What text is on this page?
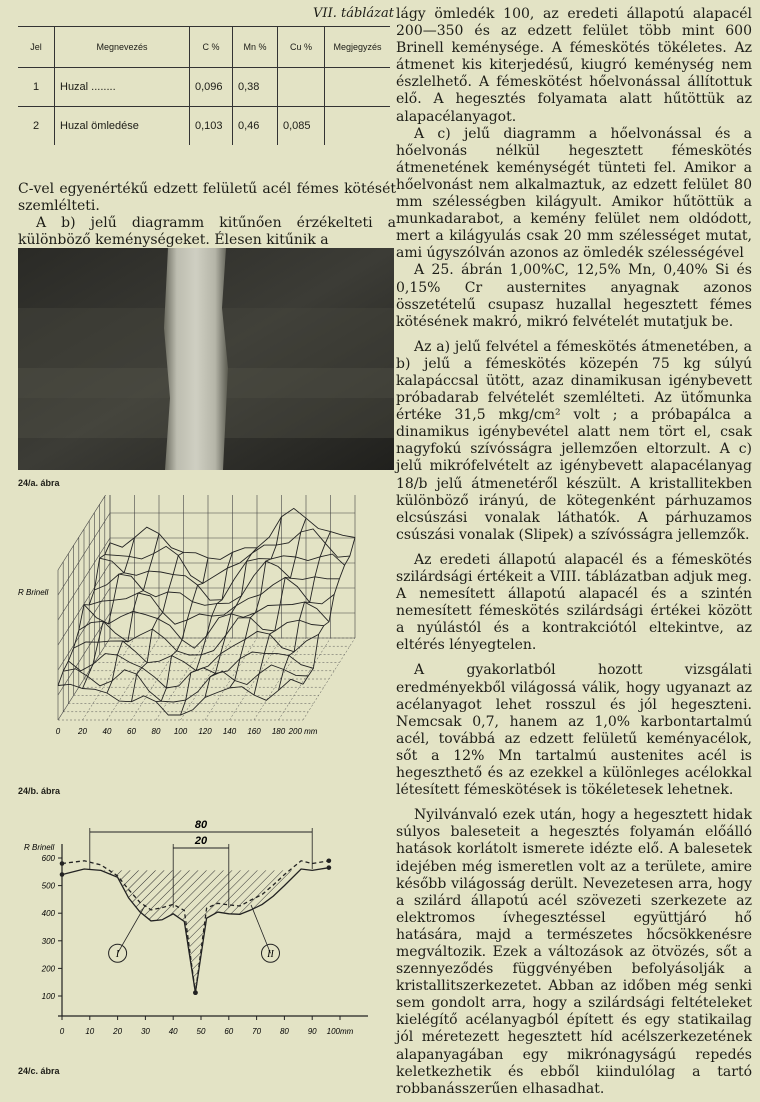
VII. táblázat
Jel	Megnevezés	C %	Mn %	Cu %	Megjegyzés
1	Huzal ........	0,096	0,38		
2	Huzal ömledése	0,103	0,46	0,085	

C-vel egyenértékű edzett felületű acél fémes kötését szemlélteti.

A b) jelű diagramm kitűnően érzékelteti a különböző keménységeket. Élesen kitűnik a

24/a. ábra
0 20 40 60 80 100 120 140 160 180 200 mm
R Brinell
24/b. ábra
100
200
300
400
500
600
0	10 20 30 40 50 60 70 80 90 100mm
R Brinell
80
20
I	II
24/c. ábra

lágy ömledék 100, az eredeti állapotú alapacél 200—350 és az edzett felület több mint 600 Brinell keménysége. A fémeskötés tökéletes. Az átmenet kis kiterjedésű, kiugró keménység nem észlelhető. A fémeskötést hőelvonással állítottuk elő. A hegesztés folyamata alatt hűtöttük az alapacélanyagot.

A c) jelű diagramm a hőelvonással és a hőelvonás nélkül hegesztett fémeskötés átmenetének keménységét tünteti fel. Amikor a hőelvonást nem alkalmaztuk, az edzett felület 80 mm szélességben kilágyult. Amikor hűtöttük a munkadarabot, a kemény felület nem oldódott, mert a kilágyulás csak 20 mm szélességet mutat, ami úgyszólván azonos az ömledék szélességével

A 25. ábrán 1,00%C, 12,5% Mn, 0,40% Si és 0,15% Cr austernites anyagnak azonos összetételű csupasz huzallal hegesztett fémes kötésének makró, mikró felvételét mutatjuk be.

Az a) jelű felvétel a fémeskötés átmenetében, a b) jelű a fémeskötés közepén 75 kg súlyú kalapáccsal ütött, azaz dinamikusan igénybevett próbadarab felvételét szemlélteti. Az ütőmunka értéke 31,5 mkg/cm² volt ; a próbapálca a dinamikus igénybevétel alatt nem tört el, csak nagyfokú szívósságra jellemzően eltorzult. A c) jelű mikrófelvételt az igénybevett alapacélanyag 18/b jelű átmenetéről készült. A kristallitekben különböző irányú, de kötegenként párhuzamos elcsúszási vonalak láthatók. A párhuzamos csúszási vonalak (Slipek) a szívósságra jellemzők.

Az eredeti állapotú alapacél és a fémeskötés szilárdsági értékeit a VIII. táblázatban adjuk meg. A nemesített állapotú alapacél és a szintén nemesített fémeskötés szilárdsági értékei között a nyúlástól és a kontrakciótól eltekintve, az eltérés lényegtelen.

A gyakorlatból hozott vizsgálati eredményekből világossá válik, hogy ugyanazt az acélanyagot lehet rosszul és jól hegeszteni. Nemcsak 0,7, hanem az 1,0% karbontartalmú acél, továbbá az edzett felületű keményacélok, sőt a 12% Mn tartalmú austenites acél is hegeszthető és az ezekkel a különleges acélokkal létesített fémeskötések is tökéletesek lehetnek.

Nyilvánvaló ezek után, hogy a hegesztett hidak súlyos baleseteit a hegesztés folyamán előálló hatások korlátolt ismerete idézte elő. A balesetek idejében még ismeretlen volt az a területe, amire később világosság derült. Nevezetesen arra, hogy a szilárd állapotú acél szövezeti szerkezete az elektromos ívhegesztéssel együttjáró hő hatására, majd a természetes hőcsökkenésre megváltozik. Ezek a változások az ötvözés, sőt a szennyeződés függvényében befolyásolják a kristallitszerkezetet. Abban az időben még senki sem gondolt arra, hogy a szilárdsági feltételeket kielégítő acélanyagból épített és egy statikailag jól méretezett hegesztett híd acélszerkezetének alapanyagában egy mikrónagyságú repedés keletkezhetik és ebből kiindulólag a tartó robbanásszerűen elhasadhat.
